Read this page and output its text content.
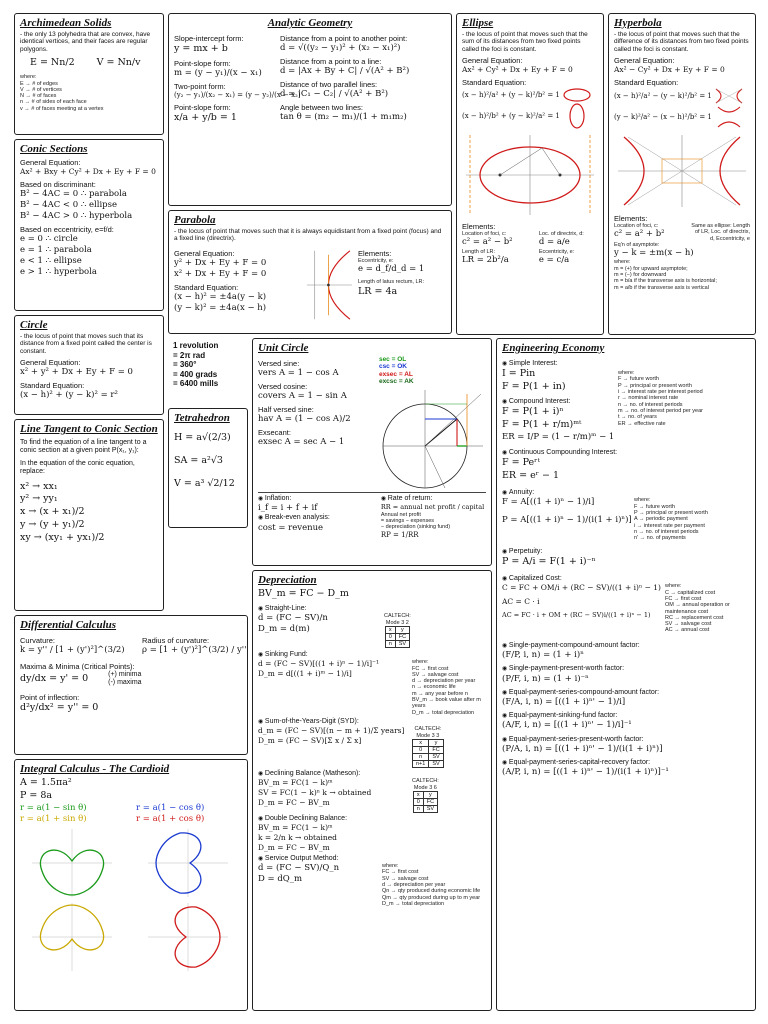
Archimedean Solids
- the only 13 polyhedra that are convex, have identical vertices, and their faces are regular polygons.
E = Nn/2 V = Nn/v
where:
E → # of edges
V → # of vertices
N → # of faces
n → # of sides of each face
v → # of faces meeting at a vertex
Conic Sections
General Equation:
Ax² + Bxy + Cy² + Dx + Ey + F = 0
Based on discriminant:
B² − 4AC = 0 ∴ parabola
B² − 4AC < 0 ∴ ellipse
B² − 4AC > 0 ∴ hyperbola
Based on eccentricity, e=f/d:
e = 0 ∴ circle
e = 1 ∴ parabola
e < 1 ∴ ellipse
e > 1 ∴ hyperbola
Circle
- the locus of point that moves such that its distance from a fixed point called the center is constant.
General Equation:
x² + y² + Dx + Ey + F = 0
Standard Equation:
(x − h)² + (y − k)² = r²
Line Tangent to Conic Section
To find the equation of a line tangent to a conic section at a given point P(x₁, y₁):
In the equation of the conic equation, replace:
x² → xx₁
y² → yy₁
x → (x + x₁)/2
y → (y + y₁)/2
xy → (xy₁ + yx₁)/2
Analytic Geometry
Slope-intercept form:
y = mx + b
Point-slope form:
m = (y − y₁)/(x − x₁)
Two-point form:
(y₂ − y₁)/(x₂ − x₁) = (y − y₂)/(x − x₂)
Point-slope form:
x/a + y/b = 1
Distance from a point to another point:
d = √((y₂ − y₁)² + (x₂ − x₁)²)
Distance from a point to a line:
d = |Ax + By + C| / √(A² + B²)
Distance of two parallel lines:
d = |C₁ − C₂| / √(A² + B²)
Angle between two lines:
tan θ = (m₂ − m₁)/(1 + m₁m₂)
Parabola
- the locus of point that moves such that it is always equidistant from a fixed point (focus) and a fixed line (directrix).
General Equation:
y² + Dx + Ey + F = 0
x² + Dx + Ey + F = 0
Standard Equation:
(x − h)² = ±4a(y − k)
(y − k)² = ±4a(x − h)
Elements:
Eccentricity, e:
e = d_f/d_d = 1
Length of latus rectum, LR:
LR = 4a
Ellipse
- the locus of point that moves such that the sum of its distances from two fixed points called the foci is constant.
General Equation:
Ax² + Cy² + Dx + Ey + F = 0
Standard Equation:
(x − h)²/a² + (y − k)²/b² = 1
(x − h)²/b² + (y − k)²/a² = 1
Elements:
Location of foci, c:
c² = a² − b²
Length of LR:
LR = 2b²/a
Loc. of directrix, d:
d = a/e
Eccentricity, e:
e = c/a
Hyperbola
- the locus of point that moves such that the difference of its distances from two fixed points called the foci is constant.
General Equation:
Ax² − Cy² + Dx + Ey + F = 0
Standard Equation:
(x − h)²/a² − (y − k)²/b² = 1
(y − k)²/a² − (x − h)²/b² = 1
Elements:
Location of foci, c:
c² = a² + b²
Same as ellipse: Length of LR, Loc. of directrix, d, Eccentricity, e
Eq'n of asymptote:
y − k = ±m(x − h)
where:
m = (+) for upward asymptote;
m = (−) for downward
m = b/a if the transverse axis is horizontal;
m = a/b if the transverse axis is vertical
1 revolution
= 2π rad
= 360°
= 400 grads
= 6400 mills
Tetrahedron
H = a√(2/3)
SA = a²√3
V = a³ √2/12
Unit Circle
Versed sine:
vers A = 1 − cos A
Versed cosine:
covers A = 1 − sin A
Half versed sine:
hav A = (1 − cos A)/2
Exsecant:
exsec A = sec A − 1
sec = OL
csc = OK
exsec = AL
excsc = AK
◉ Inflation:
i_f = i + f + if
◉ Break-even analysis:
cost = revenue
◉ Rate of return:
RR = annual net profit / capital
Annual net profit
= savings − expenses
− depreciation (sinking fund)
RP = 1/RR
Differential Calculus
Curvature:
k = y'' / [1 + (y')²]^(3/2)
Radius of curvature:
ρ = [1 + (y')²]^(3/2) / y''
Maxima & Minima (Critical Points):
dy/dx = y' = 0	(+) minima
(-) maxima
Point of inflection:
d²y/dx² = y'' = 0
Integral Calculus - The Cardioid
A = 1.5πa²
P = 8a
r = a(1 − sin θ)
r = a(1 + sin θ)
r = a(1 − cos θ)
r = a(1 + cos θ)
Depreciation
BV_m = FC − D_m
◉ Straight-Line:
d = (FC − SV)/n
D_m = d(m)
CALTECH:
Mode 3 2
x	y
0	FC
n	SV
◉ Sinking Fund:
d = (FC − SV)[((1 + i)ⁿ − 1)/i]⁻¹
D_m = d[((1 + i)ᵐ − 1)/i]
where:
FC → first cost
SV → salvage cost
d → depreciation per year
n → economic life
m → any year before n
BV_m → book value after m years
D_m → total depreciation
◉ Sum-of-the-Years-Digit (SYD):
d_m = (FC − SV)[(n − m + 1)/Σ years]
D_m = (FC − SV)[Σ x / Σ x]
CALTECH:
Mode 3 3
x	y
0	FC
n	SV
n+1	SV
◉ Declining Balance (Matheson):
BV_m = FC(1 − k)ᵐ
SV = FC(1 − k)ⁿ k → obtained
D_m = FC − BV_m
CALTECH:
Mode 3 6
x	y
0	FC
n	SV
◉ Double Declining Balance:
BV_m = FC(1 − k)ᵐ
k = 2/n k → obtained
D_m = FC − BV_m
◉ Service Output Method:
d = (FC − SV)/Q_n
D = dQ_m
where:
FC → first cost
SV → salvage cost
d → depreciation per year
Qn → qty produced during economic life
Qm → qty produced during up to m year
D_m → total depreciation
Engineering Economy
◉ Simple Interest:
I = Pin
F = P(1 + in)
◉ Compound Interest:
F = P(1 + i)ⁿ
F = P(1 + r/m)ᵐᵗ
ER = I/P = (1 − r/m)ᵐ − 1
where:
F → future worth
P → principal or present worth
i → interest rate per interest period
r → nominal interest rate
n → no. of interest periods
m → no. of interest period per year
t → no. of years
ER → effective rate
◉ Continuous Compounding Interest:
F = Peʳᵗ
ER = eʳ − 1
◉ Annuity:
F = A[((1 + i)ⁿ − 1)/i]
P = A[((1 + i)ⁿ − 1)/(i(1 + i)ⁿ)]
where:
F → future worth
P → principal or present worth
A → periodic payment
i → interest rate per payment
n → no. of interest periods
n' → no. of payments
◉ Perpetuity:
P = A/i = F(1 + i)⁻ⁿ
◉ Capitalized Cost:
C = FC + OM/i + (RC − SV)/((1 + i)ⁿ − 1)
AC = C · i
AC = FC · i + OM + (RC − SV)i/((1 + i)ⁿ − 1)
where:
C → capitalized cost
FC → first cost
OM → annual operation or maintenance cost
RC → replacement cost
SV → salvage cost
AC → annual cost
◉ Single-payment-compound-amount factor:
(F/P, i, n) = (1 + i)ⁿ
◉ Single-payment-present-worth factor:
(P/F, i, n) = (1 + i)⁻ⁿ
◉ Equal-payment-series-compound-amount factor:
(F/A, i, n) = [((1 + i)ⁿ' − 1)/i]
◉ Equal-payment-sinking-fund factor:
(A/F, i, n) = [((1 + i)ⁿ' − 1)/i]⁻¹
◉ Equal-payment-series-present-worth factor:
(P/A, i, n) = [((1 + i)ⁿ' − 1)/(i(1 + i)ⁿ)]
◉ Equal-payment-series-capital-recovery factor:
(A/P, i, n) = [((1 + i)ⁿ' − 1)/(i(1 + i)ⁿ)]⁻¹
